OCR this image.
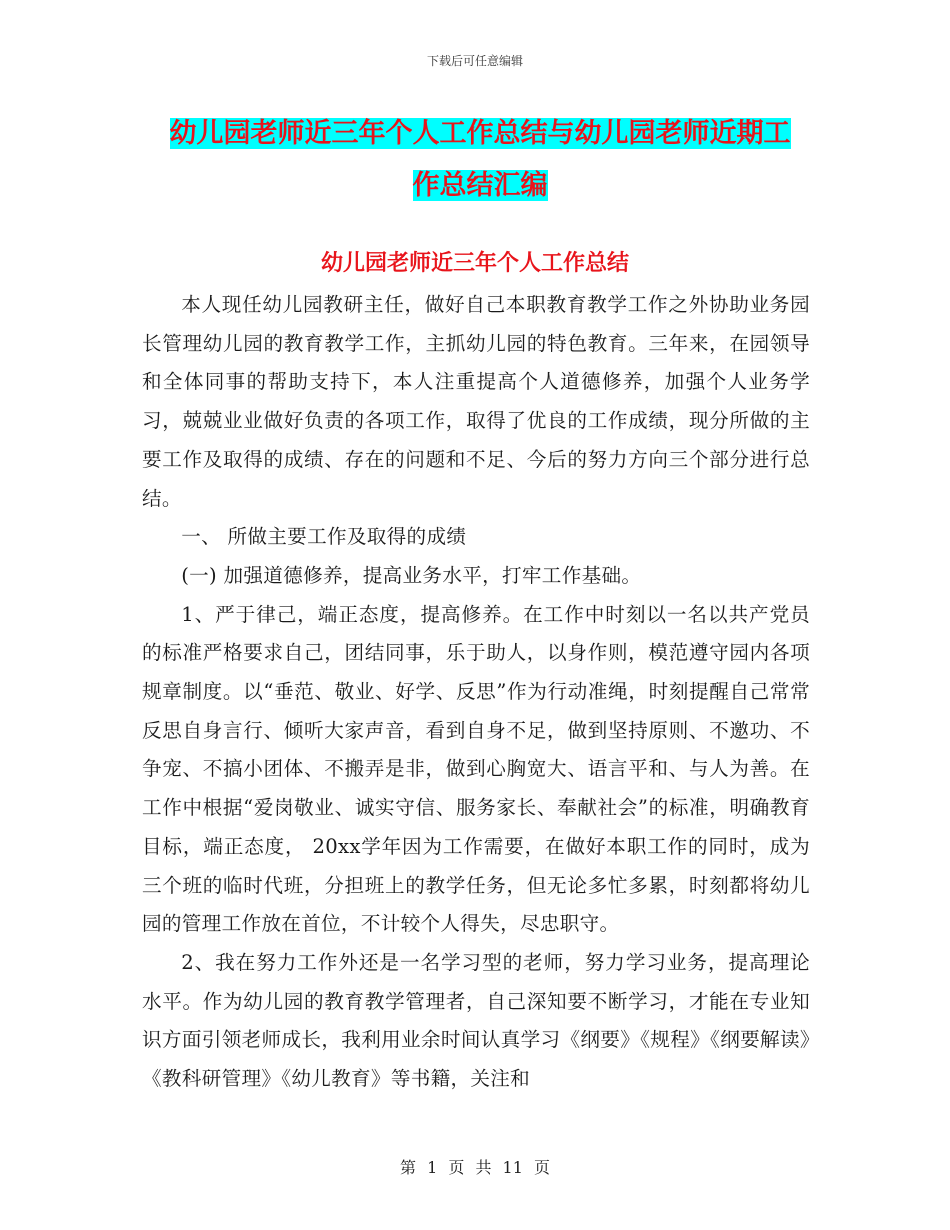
下载后可任意编辑
幼儿园老师近三年个人工作总结与幼儿园老师近期工
作总结汇编
幼儿园老师近三年个人工作总结

本人现任幼儿园教研主任，做好自己本职教育教学工作之外协助业务园长管理幼儿园的教育教学工作，主抓幼儿园的特色教育。三年来，在园领导和全体同事的帮助支持下，本人注重提高个人道德修养，加强个人业务学习，兢兢业业做好负责的各项工作，取得了优良的工作成绩，现分所做的主要工作及取得的成绩、存在的问题和不足、今后的努力方向三个部分进行总结。

一、 所做主要工作及取得的成绩

(一) 加强道德修养，提高业务水平，打牢工作基础。

1、严于律己，端正态度，提高修养。在工作中时刻以一名以共产党员的标准严格要求自己，团结同事，乐于助人，以身作则，模范遵守园内各项规章制度。以“垂范、敬业、好学、反思”作为行动准绳，时刻提醒自己常常反思自身言行、倾听大家声音，看到自身不足，做到坚持原则、不邀功、不争宠、不搞小团体、不搬弄是非，做到心胸宽大、语言平和、与人为善。在工作中根据“爱岗敬业、诚实守信、服务家长、奉献社会”的标准，明确教育目标，端正态度， 20xx学年因为工作需要，在做好本职工作的同时，成为三个班的临时代班，分担班上的教学任务，但无论多忙多累，时刻都将幼儿园的管理工作放在首位，不计较个人得失，尽忠职守。

2、我在努力工作外还是一名学习型的老师，努力学习业务，提高理论水平。作为幼儿园的教育教学管理者，自己深知要不断学习，才能在专业知识方面引领老师成长，我利用业余时间认真学习《纲要》《规程》《纲要解读》《教科研管理》《幼儿教育》等书籍，关注和

第 1 页 共 11 页
